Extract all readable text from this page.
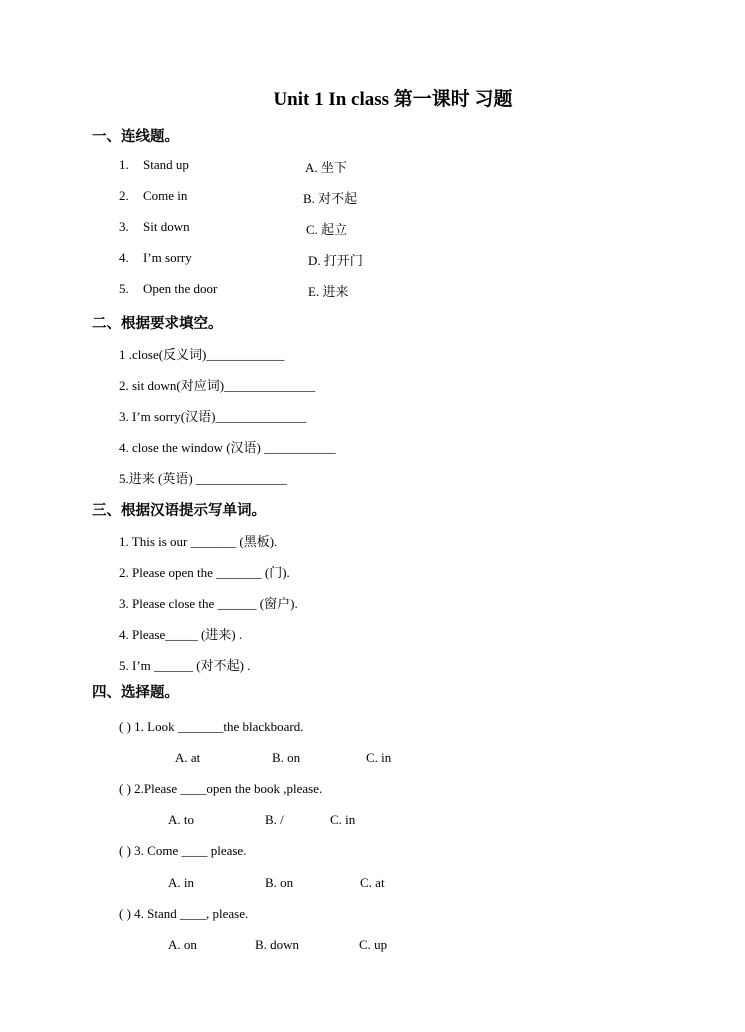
Unit 1 In class 第一课时 习题
一、连线题。
1. Stand up	A. 坐下
2. Come in	B. 对不起
3. Sit down	C. 起立
4. I’m sorry	D. 打开门
5. Open the door	E. 进来
二、根据要求填空。
1 .close(反义词)____________
2. sit down(对应词)______________
3. I’m sorry(汉语)______________
4. close the window (汉语) ___________
5.进来 (英语) ______________
三、根据汉语提示写单词。
1. This is our _______ (黑板).
2. Please open the _______ (门).
3. Please close the ______ (窗户).
4. Please_____ (进来) .
5. I’m ______ (对不起) .
四、选择题。
( ) 1. Look _______the blackboard.
A. at	B. on	C. in
( ) 2.Please ____open the book ,please.
A. to	B. /	C. in
( ) 3. Come ____ please.
A. in	B. on	C. at
( ) 4. Stand ____, please.
A. on	B. down	C. up
